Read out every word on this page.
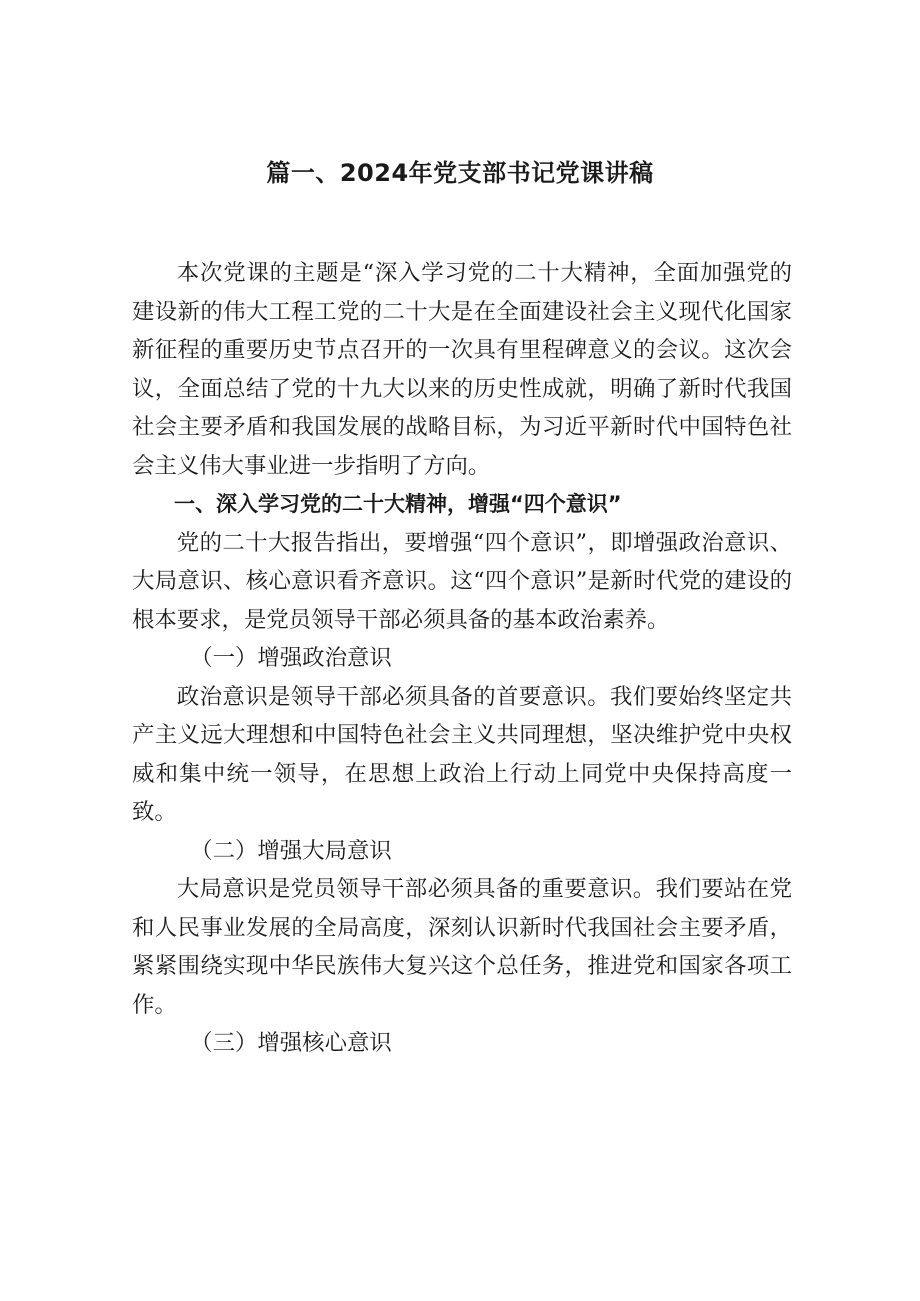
篇一、2024年党支部书记党课讲稿

本次党课的主题是“深入学习党的二十大精神，全面加强党的建设新的伟大工程工党的二十大是在全面建设社会主义现代化国家新征程的重要历史节点召开的一次具有里程碑意义的会议。这次会议，全面总结了党的十九大以来的历史性成就，明确了新时代我国社会主要矛盾和我国发展的战略目标，为习近平新时代中国特色社会主义伟大事业进一步指明了方向。

一、深入学习党的二十大精神，增强“四个意识”

党的二十大报告指出，要增强“四个意识”，即增强政治意识、大局意识、核心意识看齐意识。这“四个意识”是新时代党的建设的根本要求，是党员领导干部必须具备的基本政治素养。

（一）增强政治意识

政治意识是领导干部必须具备的首要意识。我们要始终坚定共产主义远大理想和中国特色社会主义共同理想，坚决维护党中央权威和集中统一领导，在思想上政治上行动上同党中央保持高度一致。

（二）增强大局意识

大局意识是党员领导干部必须具备的重要意识。我们要站在党和人民事业发展的全局高度，深刻认识新时代我国社会主要矛盾，紧紧围绕实现中华民族伟大复兴这个总任务，推进党和国家各项工作。

（三）增强核心意识
